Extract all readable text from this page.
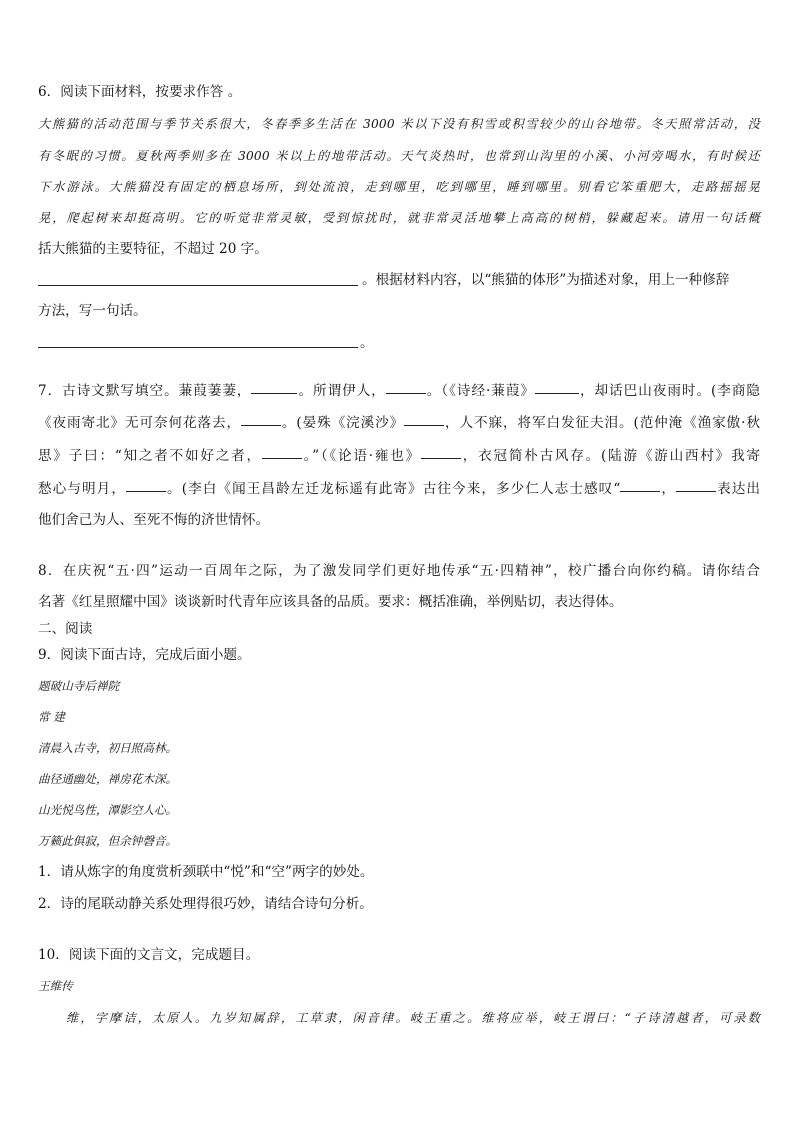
6．阅读下面材料，按要求作答 。
大熊猫的活动范围与季节关系很大，冬春季多生活在 3000 米以下没有积雪或积雪较少的山谷地带。冬天照常活动，没
有冬眠的习惯。夏秋两季则多在 3000 米以上的地带活动。天气炎热时，也常到山沟里的小溪、小河旁喝水，有时候还
下水游泳。大熊猫没有固定的栖息场所，到处流浪，走到哪里，吃到哪里，睡到哪里。别看它笨重肥大，走路摇摇晃
晃，爬起树来却挺高明。它的听觉非常灵敏，受到惊扰时，就非常灵活地攀上高高的树梢，躲藏起来。请用一句话概
括大熊猫的主要特征，不超过 20 字。
。根据材料内容，以“熊猫的体形”为描述对象，用上一种修辞
方法，写一句话。
。
7．古诗文默写填空。蒹葭萋萋，	。所谓伊人，	。（《诗经·蒹葭》	，却话巴山夜雨时。(李商隐
《夜雨寄北》无可奈何花落去，	。(晏殊《浣溪沙》	，人不寐，将军白发征夫泪。(范仲淹《渔家傲·秋
思》子曰：“知之者不如好之者，	。”（《论语·雍也》	，衣冠简朴古风存。(陆游《游山西村》我寄
愁心与明月，	。(李白《闻王昌龄左迁龙标遥有此寄》古往今来，多少仁人志士感叹“	，	表达出
他们舍己为人、至死不悔的济世情怀。
8．在庆祝“五·四”运动一百周年之际，为了激发同学们更好地传承“五·四精神”，校广播台向你约稿。请你结合
名著《红星照耀中国》谈谈新时代青年应该具备的品质。要求：概括准确，举例贴切，表达得体。
二、阅读
9．阅读下面古诗，完成后面小题。
题破山寺后禅院
常 建
清晨入古寺，初日照高林。
曲径通幽处，禅房花木深。
山光悦鸟性，潭影空人心。
万籁此俱寂，但余钟磬音。
1．请从炼字的角度赏析颈联中“悦”和“空”两字的妙处。
2．诗的尾联动静关系处理得很巧妙，请结合诗句分析。
10．阅读下面的文言文，完成题目。
王维传
维，字摩诘，太原人。九岁知属辞，工草隶，闲音律。岐王重之。维将应举，岐王谓曰：“子诗清越者，可录数
